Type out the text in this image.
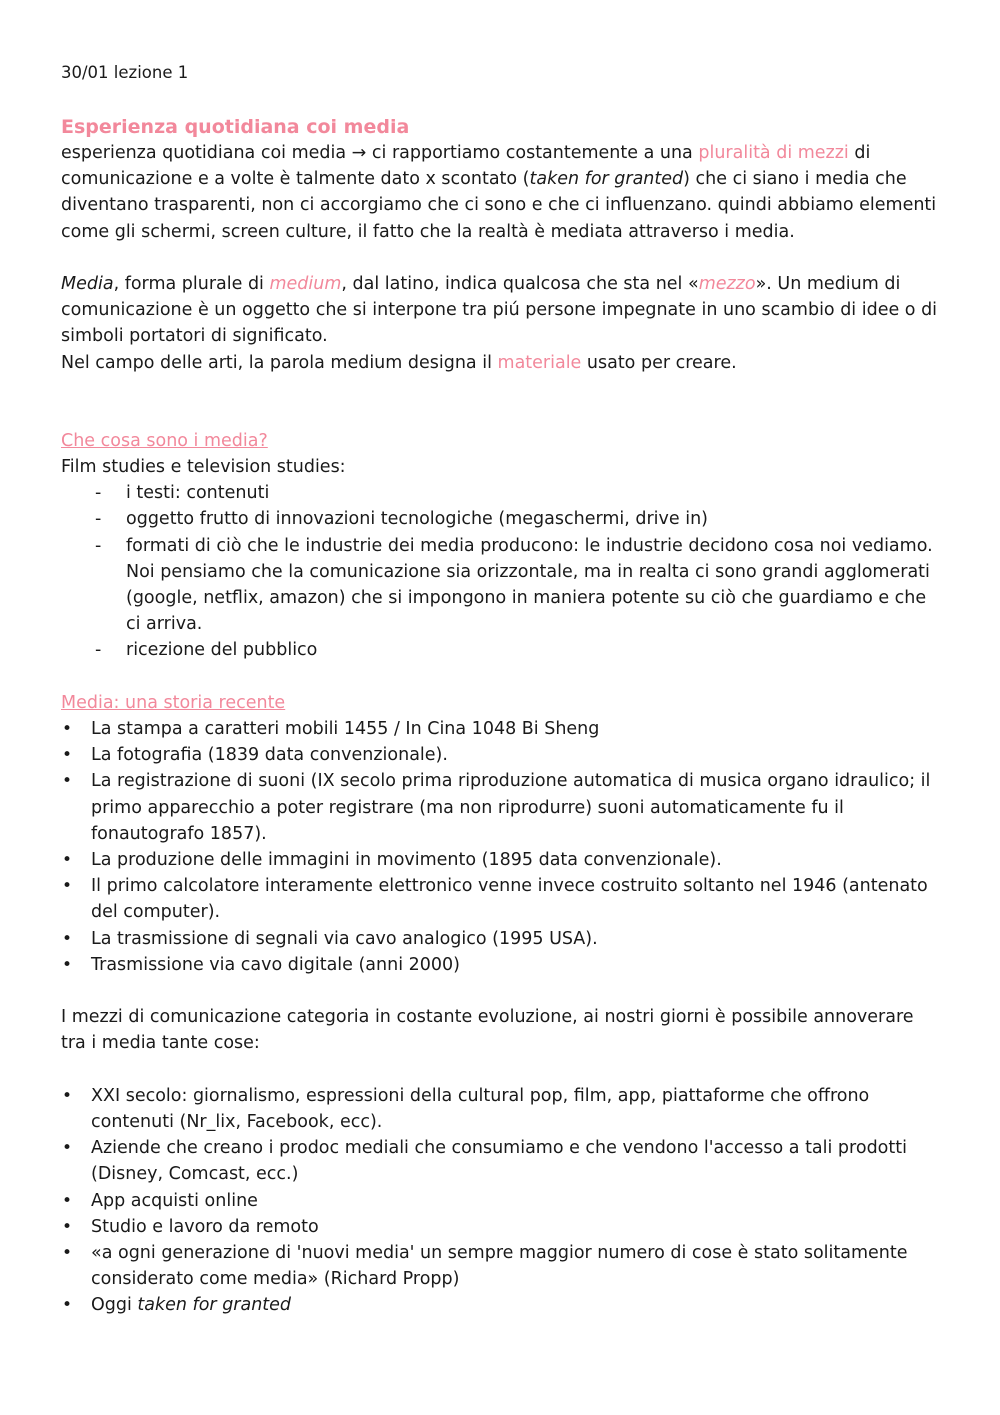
30/01 lezione 1

Esperienza quotidiana coi media

esperienza quotidiana coi media → ci rapportiamo costantemente a una pluralità di mezzi di comunicazione e a volte è talmente dato x scontato (taken for granted) che ci siano i media che diventano trasparenti, non ci accorgiamo che ci sono e che ci influenzano. quindi abbiamo elementi come gli schermi, screen culture, il fatto che la realtà è mediata attraverso i media.

Media, forma plurale di medium, dal latino, indica qualcosa che sta nel «mezzo». Un medium di comunicazione è un oggetto che si interpone tra piú persone impegnate in uno scambio di idee o di simboli portatori di significato.

Nel campo delle arti, la parola medium designa il materiale usato per creare.

Che cosa sono i media?

Film studies e television studies:

- i testi: contenuti
- oggetto frutto di innovazioni tecnologiche (megaschermi, drive in)
- formati di ciò che le industrie dei media producono: le industrie decidono cosa noi vediamo. Noi pensiamo che la comunicazione sia orizzontale, ma in realta ci sono grandi agglomerati (google, netflix, amazon) che si impongono in maniera potente su ciò che guardiamo e che ci arriva.
- ricezione del pubblico

Media: una storia recente

• La stampa a caratteri mobili 1455 / In Cina 1048 Bi Sheng
• La fotografia (1839 data convenzionale).
• La registrazione di suoni (IX secolo prima riproduzione automatica di musica organo idraulico; il primo apparecchio a poter registrare (ma non riprodurre) suoni automaticamente fu il fonautografo 1857).
• La produzione delle immagini in movimento (1895 data convenzionale).
• Il primo calcolatore interamente elettronico venne invece costruito soltanto nel 1946 (antenato del computer).
• La trasmissione di segnali via cavo analogico (1995 USA).
• Trasmissione via cavo digitale (anni 2000)

I mezzi di comunicazione categoria in costante evoluzione, ai nostri giorni è possibile annoverare tra i media tante cose:

• XXI secolo: giornalismo, espressioni della cultural pop, film, app, piattaforme che offrono contenuti (Nr_lix, Facebook, ecc).
• Aziende che creano i prodoc mediali che consumiamo e che vendono l'accesso a tali prodotti (Disney, Comcast, ecc.)
• App acquisti online
• Studio e lavoro da remoto
• «a ogni generazione di 'nuovi media' un sempre maggior numero di cose è stato solitamente considerato come media» (Richard Propp)
• Oggi taken for granted
